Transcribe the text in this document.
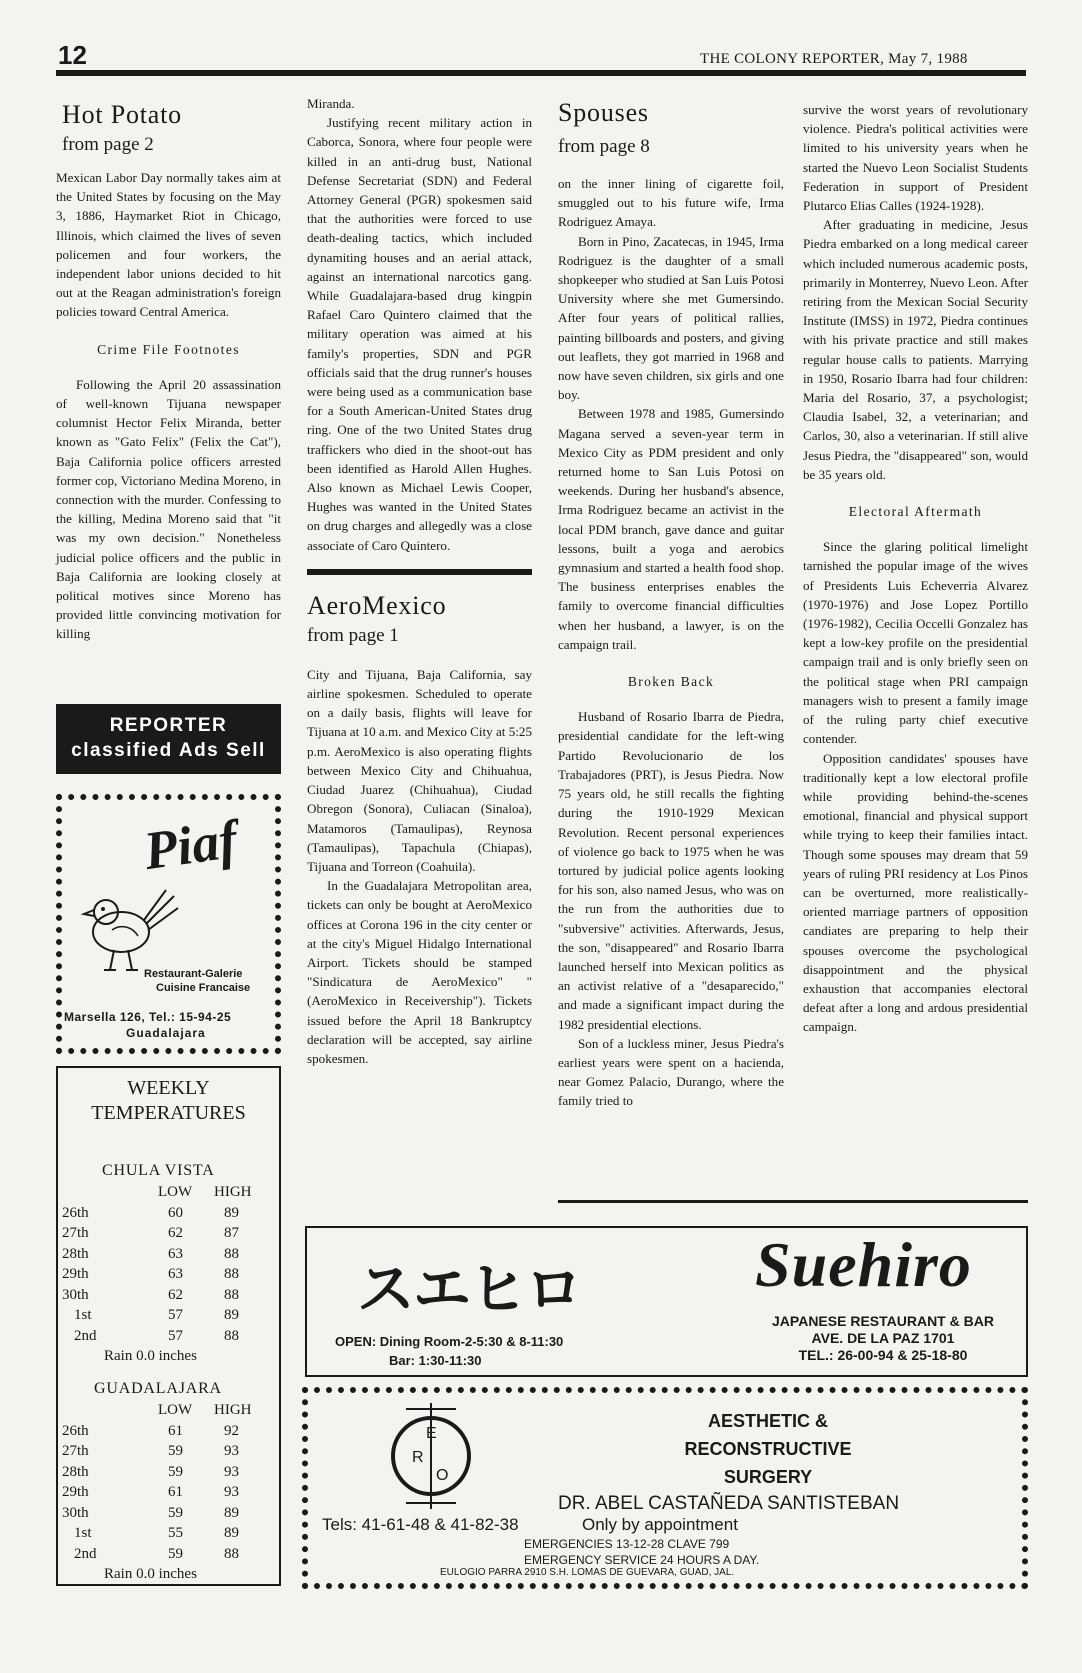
12	THE COLONY REPORTER, May 7, 1988
Hot Potato
from page 2

Mexican Labor Day normally takes aim at the United States by focusing on the May 3, 1886, Haymarket Riot in Chicago, Illinois, which claimed the lives of seven policemen and four workers, the independent labor unions decided to hit out at the Reagan administration's foreign policies toward Central America.

Crime File Footnotes

Following the April 20 assassination of well-known Tijuana newspaper columnist Hector Felix Miranda, better known as "Gato Felix" (Felix the Cat"), Baja California police officers arrested former cop, Victoriano Medina Moreno, in connection with the murder. Confessing to the killing, Medina Moreno said that "it was my own decision." Nonetheless judicial police officers and the public in Baja California are looking closely at political motives since Moreno has provided little convincing motivation for killing

REPORTER
classified Ads Sell
Piaf
Restaurant-Galerie
Cuisine Francaise
Marsella 126, Tel.: 15-94-25
Guadalajara
WEEKLY
TEMPERATURES
CHULA VISTA
	LOW	HIGH
26th	60	89
27th	62	87
28th	63	88
29th	63	88
30th	62	88
1st	57	89
2nd	57	88
Rain 0.0 inches
GUADALAJARA
	LOW	HIGH
26th	61	92
27th	59	93
28th	59	93
29th	61	93
30th	59	89
1st	55	89
2nd	59	88
Rain 0.0 inches

Miranda.

Justifying recent military action in Caborca, Sonora, where four people were killed in an anti-drug bust, National Defense Secretariat (SDN) and Federal Attorney General (PGR) spokesmen said that the authorities were forced to use death-dealing tactics, which included dynamiting houses and an aerial attack, against an international narcotics gang. While Guadalajara-based drug kingpin Rafael Caro Quintero claimed that the military operation was aimed at his family's properties, SDN and PGR officials said that the drug runner's houses were being used as a communication base for a South American-United States drug ring. One of the two United States drug traffickers who died in the shoot-out has been identified as Harold Allen Hughes. Also known as Michael Lewis Cooper, Hughes was wanted in the United States on drug charges and allegedly was a close associate of Caro Quintero.

AeroMexico
from page 1

City and Tijuana, Baja California, say airline spokesmen. Scheduled to operate on a daily basis, flights will leave for Tijuana at 10 a.m. and Mexico City at 5:25 p.m. AeroMexico is also operating flights between Mexico City and Chihuahua, Ciudad Juarez (Chihuahua), Ciudad Obregon (Sonora), Culiacan (Sinaloa), Matamoros (Tamaulipas), Reynosa (Tamaulipas), Tapachula (Chiapas), Tijuana and Torreon (Coahuila).

In the Guadalajara Metropolitan area, tickets can only be bought at AeroMexico offices at Corona 196 in the city center or at the city's Miguel Hidalgo International Airport. Tickets should be stamped "Sindicatura de AeroMexico" "(AeroMexico in Receivership"). Tickets issued before the April 18 Bankruptcy declaration will be accepted, say airline spokesmen.

Spouses
from page 8

on the inner lining of cigarette foil, smuggled out to his future wife, Irma Rodriguez Amaya.

Born in Pino, Zacatecas, in 1945, Irma Rodriguez is the daughter of a small shopkeeper who studied at San Luis Potosi University where she met Gumersindo. After four years of political rallies, painting billboards and posters, and giving out leaflets, they got married in 1968 and now have seven children, six girls and one boy.

Between 1978 and 1985, Gumersindo Magana served a seven-year term in Mexico City as PDM president and only returned home to San Luis Potosi on weekends. During her husband's absence, Irma Rodriguez became an activist in the local PDM branch, gave dance and guitar lessons, built a yoga and aerobics gymnasium and started a health food shop. The business enterprises enables the family to overcome financial difficulties when her husband, a lawyer, is on the campaign trail.

Broken Back

Husband of Rosario Ibarra de Piedra, presidential candidate for the left-wing Partido Revolucionario de los Trabajadores (PRT), is Jesus Piedra. Now 75 years old, he still recalls the fighting during the 1910-1929 Mexican Revolution. Recent personal experiences of violence go back to 1975 when he was tortured by judicial police agents looking for his son, also named Jesus, who was on the run from the authorities due to "subversive" activities. Afterwards, Jesus, the son, "disappeared" and Rosario Ibarra launched herself into Mexican politics as an activist relative of a "desaparecido," and made a significant impact during the 1982 presidential elections.

Son of a luckless miner, Jesus Piedra's earliest years were spent on a hacienda, near Gomez Palacio, Durango, where the family tried to

survive the worst years of revolutionary violence. Piedra's political activities were limited to his university years when he started the Nuevo Leon Socialist Students Federation in support of President Plutarco Elias Calles (1924-1928).

After graduating in medicine, Jesus Piedra embarked on a long medical career which included numerous academic posts, primarily in Monterrey, Nuevo Leon. After retiring from the Mexican Social Security Institute (IMSS) in 1972, Piedra continues with his private practice and still makes regular house calls to patients. Marrying in 1950, Rosario Ibarra had four children: Maria del Rosario, 37, a psychologist; Claudia Isabel, 32, a veterinarian; and Carlos, 30, also a veterinarian. If still alive Jesus Piedra, the "disappeared" son, would be 35 years old.

Electoral Aftermath

Since the glaring political limelight tarnished the popular image of the wives of Presidents Luis Echeverria Alvarez (1970-1976) and Jose Lopez Portillo (1976-1982), Cecilia Occelli Gonzalez has kept a low-key profile on the presidential campaign trail and is only briefly seen on the political stage when PRI campaign managers wish to present a family image of the ruling party chief executive contender.

Opposition candidates' spouses have traditionally kept a low electoral profile while providing behind-the-scenes emotional, financial and physical support while trying to keep their families intact. Though some spouses may dream that 59 years of ruling PRI residency at Los Pinos can be overturned, more realistically-oriented marriage partners of opposition candiates are preparing to help their spouses overcome the psychological disappointment and the physical exhaustion that accompanies electoral defeat after a long and ardous presidential campaign.

スエヒロ
OPEN: Dining Room-2-5:30 & 8-11:30
Bar: 1:30-11:30
Suehiro
JAPANESE RESTAURANT & BAR
AVE. DE LA PAZ 1701
TEL.: 26-00-94 & 25-18-80
E
R
O
AESTHETIC &
RECONSTRUCTIVE
SURGERY
DR. ABEL CASTAÑEDA SANTISTEBAN
Tels: 41-61-48 & 41-82-38	Only by appointment
EMERGENCIES 13-12-28 CLAVE 799
EMERGENCY SERVICE 24 HOURS A DAY.
EULOGIO PARRA 2910 S.H. LOMAS DE GUEVARA, GUAD, JAL.
